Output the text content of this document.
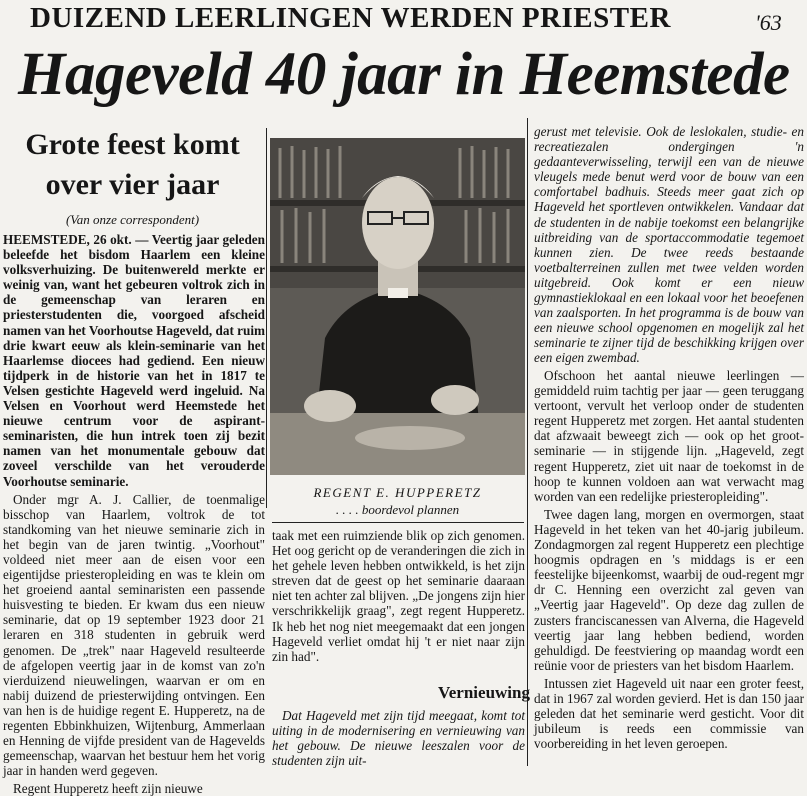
DUIZEND LEERLINGEN WERDEN PRIESTER	'63
Hageveld 40 jaar in Heemstede
Grote feest komt
over vier jaar
(Van onze correspondent)

HEEMSTEDE, 26 okt. — Veertig jaar geleden beleefde het bisdom Haarlem een kleine volksverhuizing. De buitenwereld merkte er weinig van, want het gebeuren voltrok zich in de gemeenschap van leraren en priesterstudenten die, voorgoed afscheid namen van het Voorhoutse Hageveld, dat ruim drie kwart eeuw als klein-seminarie van het Haarlemse diocees had gediend. Een nieuw tijdperk in de historie van het in 1817 te Velsen gestichte Hageveld werd ingeluid. Na Velsen en Voorhout werd Heemstede het nieuwe centrum voor de aspirant-seminaristen, die hun intrek toen zij bezit namen van het monumentale gebouw dat zoveel verschilde van het verouderde Voorhoutse seminarie.

Onder mgr A. J. Callier, de toenmalige bisschop van Haarlem, voltrok de tot standkoming van het nieuwe seminarie zich in het begin van de jaren twintig. „Voorhout" voldeed niet meer aan de eisen voor een eigentijdse priesteropleiding en was te klein om het groeiend aantal seminaristen een passende huisvesting te bieden. Er kwam dus een nieuw seminarie, dat op 19 september 1923 door 21 leraren en 318 studenten in gebruik werd genomen. De „trek" naar Hageveld resulteerde de afgelopen veertig jaar in de komst van zo'n vierduizend nieuwelingen, waarvan er om en nabij duizend de priesterwijding ontvingen. Een van hen is de huidige regent E. Hupperetz, na de regenten Ebbinkhuizen, Wijtenburg, Ammerlaan en Henning de vijfde president van de Hagevelds gemeenschap, waarvan het bestuur hem het vorig jaar in handen werd gegeven.

Regent Hupperetz heeft zijn nieuwe

REGENT E. HUPPERETZ
. . . . boordevol plannen

taak met een ruimziende blik op zich genomen. Het oog gericht op de veranderingen die zich in het gehele leven hebben ontwikkeld, is het zijn streven dat de geest op het seminarie daaraan niet ten achter zal blijven. „De jongens zijn hier verschrikkelijk graag", zegt regent Hupperetz. Ik heb het nog niet meegemaakt dat een jongen Hageveld verliet omdat hij 't er niet naar zijn zin had".

Vernieuwing

Dat Hageveld met zijn tijd meegaat, komt tot uiting in de modernisering en vernieuwing van het gebouw. De nieuwe leeszalen voor de studenten zijn uit-

gerust met televisie. Ook de leslokalen, studie- en recreatiezalen ondergingen 'n gedaanteverwisseling, terwijl een van de nieuwe vleugels mede benut werd voor de bouw van een comfortabel badhuis. Steeds meer gaat zich op Hageveld het sportleven ontwikkelen. Vandaar dat de studenten in de nabije toekomst een belangrijke uitbreiding van de sportaccommodatie tegemoet kunnen zien. De twee reeds bestaande voetbalterreinen zullen met twee velden worden uitgebreid. Ook komt er een nieuw gymnastieklokaal en een lokaal voor het beoefenen van zaalsporten. In het programma is de bouw van een nieuwe school opgenomen en mogelijk zal het seminarie te zijner tijd de beschikking krijgen over een eigen zwembad.

Ofschoon het aantal nieuwe leerlingen — gemiddeld ruim tachtig per jaar — geen teruggang vertoont, vervult het verloop onder de studenten regent Hupperetz met zorgen. Het aantal studenten dat afzwaait beweegt zich — ook op het groot-seminarie — in stijgende lijn. „Hageveld, zegt regent Hupperetz, ziet uit naar de toekomst in de hoop te kunnen voldoen aan wat verwacht mag worden van een redelijke priesteropleiding".

Twee dagen lang, morgen en overmorgen, staat Hageveld in het teken van het 40-jarig jubileum. Zondagmorgen zal regent Hupperetz een plechtige hoogmis opdragen en 's middags is er een feestelijke bijeenkomst, waarbij de oud-regent mgr dr C. Henning een overzicht zal geven van „Veertig jaar Hageveld". Op deze dag zullen de zusters franciscanessen van Alverna, die Hageveld veertig jaar lang hebben bediend, worden gehuldigd. De feestviering op maandag wordt een reünie voor de priesters van het bisdom Haarlem.

Intussen ziet Hageveld uit naar een groter feest, dat in 1967 zal worden gevierd. Het is dan 150 jaar geleden dat het seminarie werd gesticht. Voor dit jubileum is reeds een commissie van voorbereiding in het leven geroepen.
